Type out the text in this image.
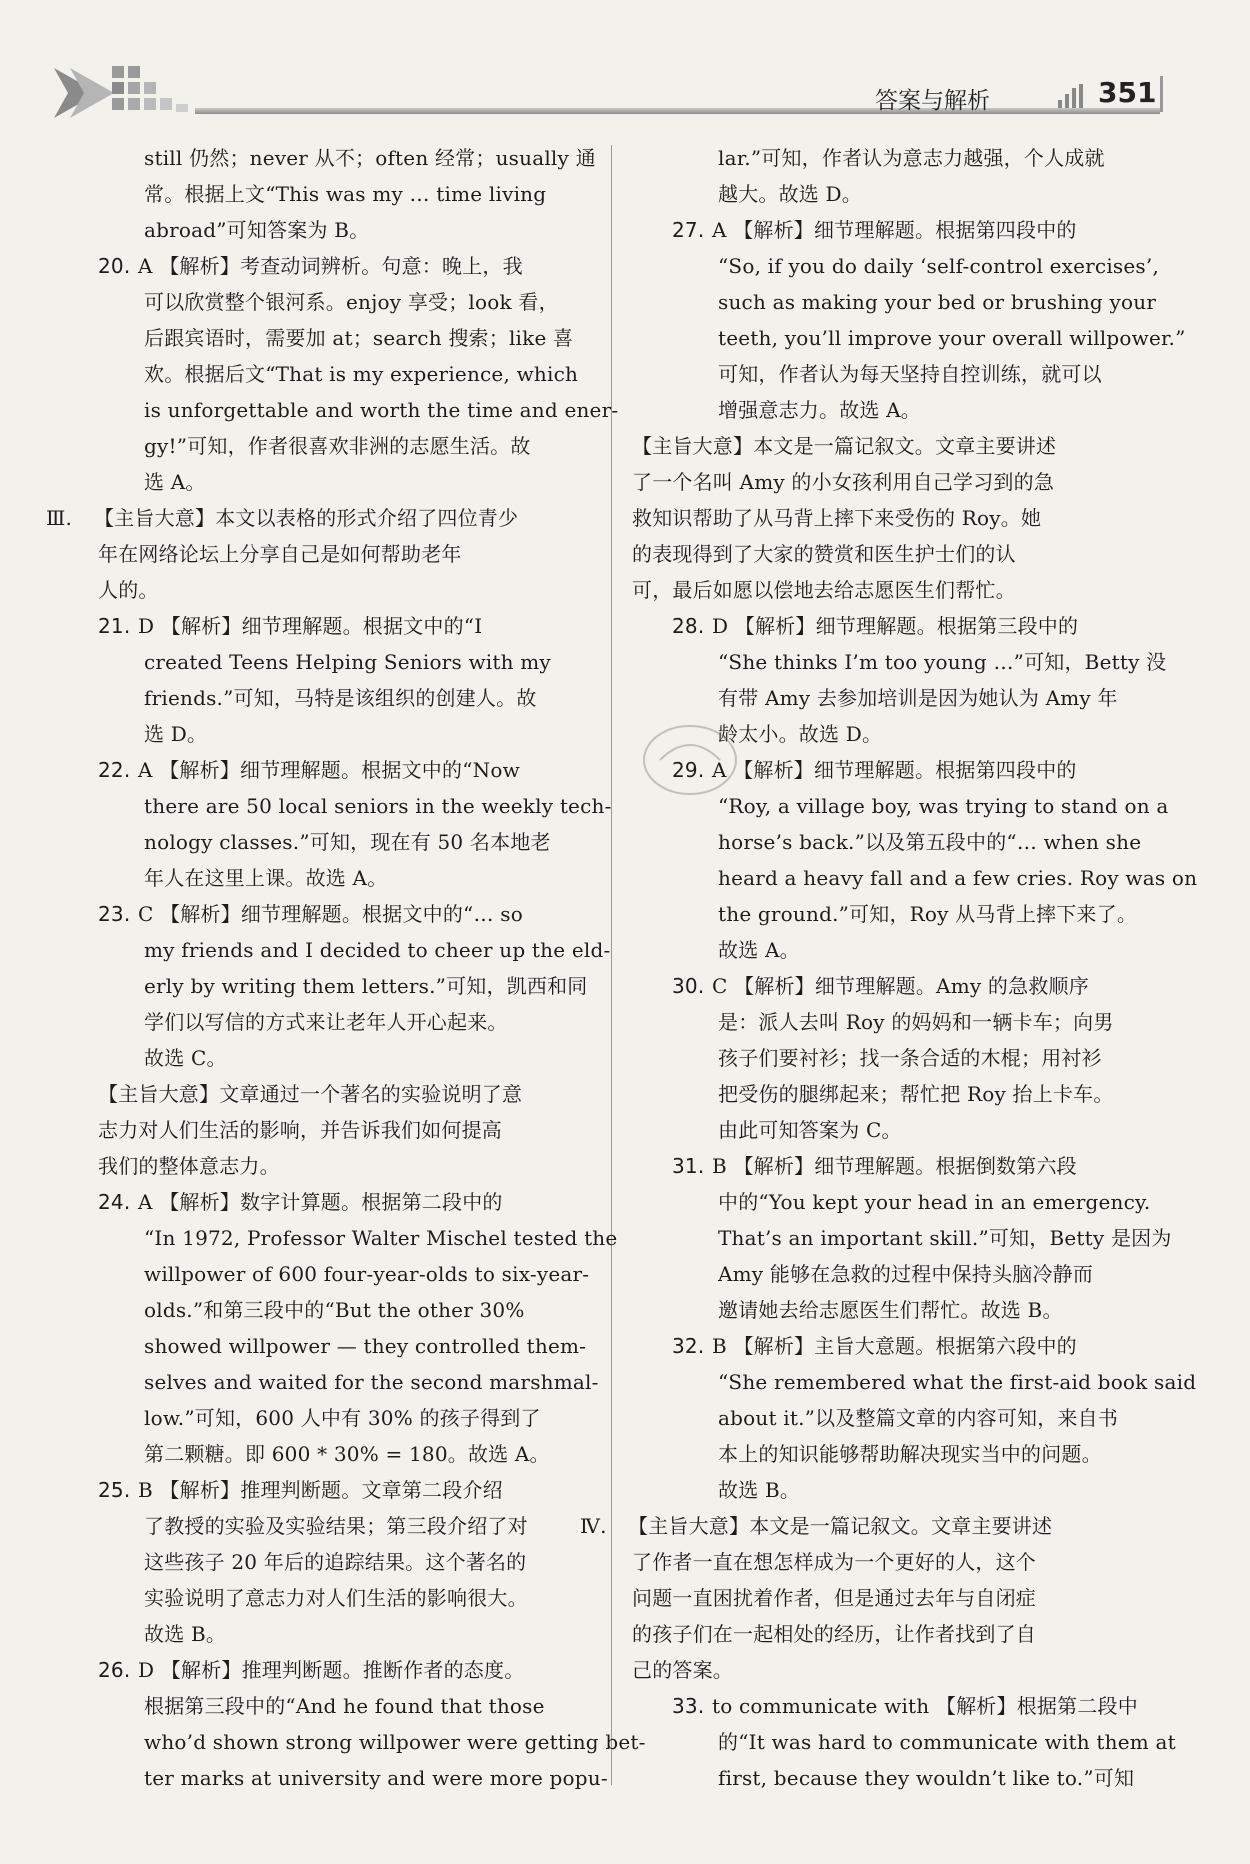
答案与解析	351
still 仍然；never 从不；often 经常；usually 通
常。根据上文“This was my … time living
abroad”可知答案为 B。
20. A 【解析】考查动词辨析。句意：晚上，我
可以欣赏整个银河系。enjoy 享受；look 看，
后跟宾语时，需要加 at；search 搜索；like 喜
欢。根据后文“That is my experience, which
is unforgettable and worth the time and ener-
gy!”可知，作者很喜欢非洲的志愿生活。故
选 A。
Ⅲ. 【主旨大意】本文以表格的形式介绍了四位青少
年在网络论坛上分享自己是如何帮助老年
人的。
21. D 【解析】细节理解题。根据文中的“I
created Teens Helping Seniors with my
friends.”可知，马特是该组织的创建人。故
选 D。
22. A 【解析】细节理解题。根据文中的“Now
there are 50 local seniors in the weekly tech-
nology classes.”可知，现在有 50 名本地老
年人在这里上课。故选 A。
23. C 【解析】细节理解题。根据文中的“… so
my friends and I decided to cheer up the eld-
erly by writing them letters.”可知，凯西和同
学们以写信的方式来让老年人开心起来。
故选 C。
【主旨大意】文章通过一个著名的实验说明了意
志力对人们生活的影响，并告诉我们如何提高
我们的整体意志力。
24. A 【解析】数字计算题。根据第二段中的
“In 1972, Professor Walter Mischel tested the
willpower of 600 four-year-olds to six-year-
olds.”和第三段中的“But the other 30%
showed willpower — they controlled them-
selves and waited for the second marshmal-
low.”可知，600 人中有 30% 的孩子得到了
第二颗糖。即 600 * 30% = 180。故选 A。
25. B 【解析】推理判断题。文章第二段介绍
了教授的实验及实验结果；第三段介绍了对
这些孩子 20 年后的追踪结果。这个著名的
实验说明了意志力对人们生活的影响很大。
故选 B。
26. D 【解析】推理判断题。推断作者的态度。
根据第三段中的“And he found that those
who’d shown strong willpower were getting bet-
ter marks at university and were more popu-
lar.”可知，作者认为意志力越强，个人成就
越大。故选 D。
27. A 【解析】细节理解题。根据第四段中的
“So, if you do daily ‘self-control exercises’,
such as making your bed or brushing your
teeth, you’ll improve your overall willpower.”
可知，作者认为每天坚持自控训练，就可以
增强意志力。故选 A。
【主旨大意】本文是一篇记叙文。文章主要讲述
了一个名叫 Amy 的小女孩利用自己学习到的急
救知识帮助了从马背上摔下来受伤的 Roy。她
的表现得到了大家的赞赏和医生护士们的认
可，最后如愿以偿地去给志愿医生们帮忙。
28. D 【解析】细节理解题。根据第三段中的
“She thinks I’m too young …”可知，Betty 没
有带 Amy 去参加培训是因为她认为 Amy 年
龄太小。故选 D。
29. A 【解析】细节理解题。根据第四段中的
“Roy, a village boy, was trying to stand on a
horse’s back.”以及第五段中的“… when she
heard a heavy fall and a few cries. Roy was on
the ground.”可知，Roy 从马背上摔下来了。
故选 A。
30. C 【解析】细节理解题。Amy 的急救顺序
是：派人去叫 Roy 的妈妈和一辆卡车；向男
孩子们要衬衫；找一条合适的木棍；用衬衫
把受伤的腿绑起来；帮忙把 Roy 抬上卡车。
由此可知答案为 C。
31. B 【解析】细节理解题。根据倒数第六段
中的“You kept your head in an emergency.
That’s an important skill.”可知，Betty 是因为
Amy 能够在急救的过程中保持头脑冷静而
邀请她去给志愿医生们帮忙。故选 B。
32. B 【解析】主旨大意题。根据第六段中的
“She remembered what the first-aid book said
about it.”以及整篇文章的内容可知，来自书
本上的知识能够帮助解决现实当中的问题。
故选 B。
Ⅳ. 【主旨大意】本文是一篇记叙文。文章主要讲述
了作者一直在想怎样成为一个更好的人，这个
问题一直困扰着作者，但是通过去年与自闭症
的孩子们在一起相处的经历，让作者找到了自
己的答案。
33. to communicate with 【解析】根据第二段中
的“It was hard to communicate with them at
first, because they wouldn’t like to.”可知
